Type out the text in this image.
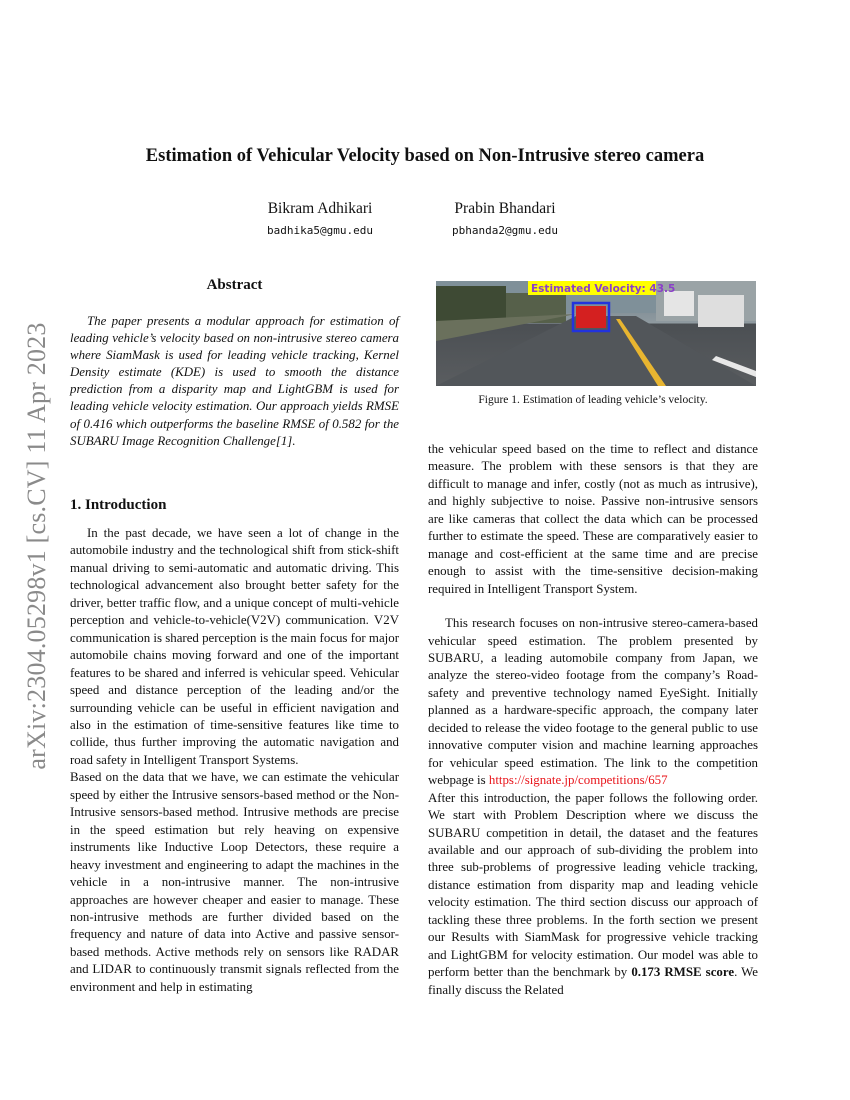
arXiv:2304.05298v1 [cs.CV] 11 Apr 2023
Estimation of Vehicular Velocity based on Non-Intrusive stereo camera
Bikram Adhikari
badhika5@gmu.edu
Prabin Bhandari
pbhanda2@gmu.edu
Abstract

The paper presents a modular approach for estimation of leading vehicle’s velocity based on non-intrusive stereo camera where SiamMask is used for leading vehicle tracking, Kernel Density estimate (KDE) is used to smooth the distance prediction from a disparity map and LightGBM is used for leading vehicle velocity estimation. Our approach yields RMSE of 0.416 which outperforms the baseline RMSE of 0.582 for the SUBARU Image Recognition Challenge[1].

1. Introduction

In the past decade, we have seen a lot of change in the automobile industry and the technological shift from stick-shift manual driving to semi-automatic and automatic driving. This technological advancement also brought better safety for the driver, better traffic flow, and a unique concept of multi-vehicle perception and vehicle-to-vehicle(V2V) communication. V2V communication is shared perception is the main focus for major automobile chains moving forward and one of the important features to be shared and inferred is vehicular speed. Vehicular speed and distance perception of the leading and/or the surrounding vehicle can be useful in efficient navigation and also in the estimation of time-sensitive features like time to collide, thus further improving the automatic navigation and road safety in Intelligent Transport Systems.

Based on the data that we have, we can estimate the vehicular speed by either the Intrusive sensors-based method or the Non-Intrusive sensors-based method. Intrusive methods are precise in the speed estimation but rely heaving on expensive instruments like Inductive Loop Detectors, these require a heavy investment and engineering to adapt the machines in the vehicle in a non-intrusive manner. The non-intrusive approaches are however cheaper and easier to manage. These non-intrusive methods are further divided based on the frequency and nature of data into Active and passive sensor-based methods. Active methods rely on sensors like RADAR and LIDAR to continuously transmit signals reflected from the environment and help in estimating

Estimated Velocity: 43.5
Figure 1. Estimation of leading vehicle’s velocity.

the vehicular speed based on the time to reflect and distance measure. The problem with these sensors is that they are difficult to manage and infer, costly (not as much as intrusive), and highly subjective to noise. Passive non-intrusive sensors are like cameras that collect the data which can be processed further to estimate the speed. These are comparatively easier to manage and cost-efficient at the same time and are precise enough to assist with the time-sensitive decision-making required in Intelligent Transport System.

This research focuses on non-intrusive stereo-camera-based vehicular speed estimation. The problem presented by SUBARU, a leading automobile company from Japan, we analyze the stereo-video footage from the company’s Road-safety and preventive technology named EyeSight. Initially planned as a hardware-specific approach, the company later decided to release the video footage to the general public to use innovative computer vision and machine learning approaches for vehicular speed estimation. The link to the competition webpage is https://signate.jp/competitions/657

After this introduction, the paper follows the following order. We start with Problem Description where we discuss the SUBARU competition in detail, the dataset and the features available and our approach of sub-dividing the problem into three sub-problems of progressive leading vehicle tracking, distance estimation from disparity map and leading vehicle velocity estimation. The third section discuss our approach of tackling these three problems. In the forth section we present our Results with SiamMask for progressive vehicle tracking and LightGBM for velocity estimation. Our model was able to perform better than the benchmark by 0.173 RMSE score. We finally discuss the Related
